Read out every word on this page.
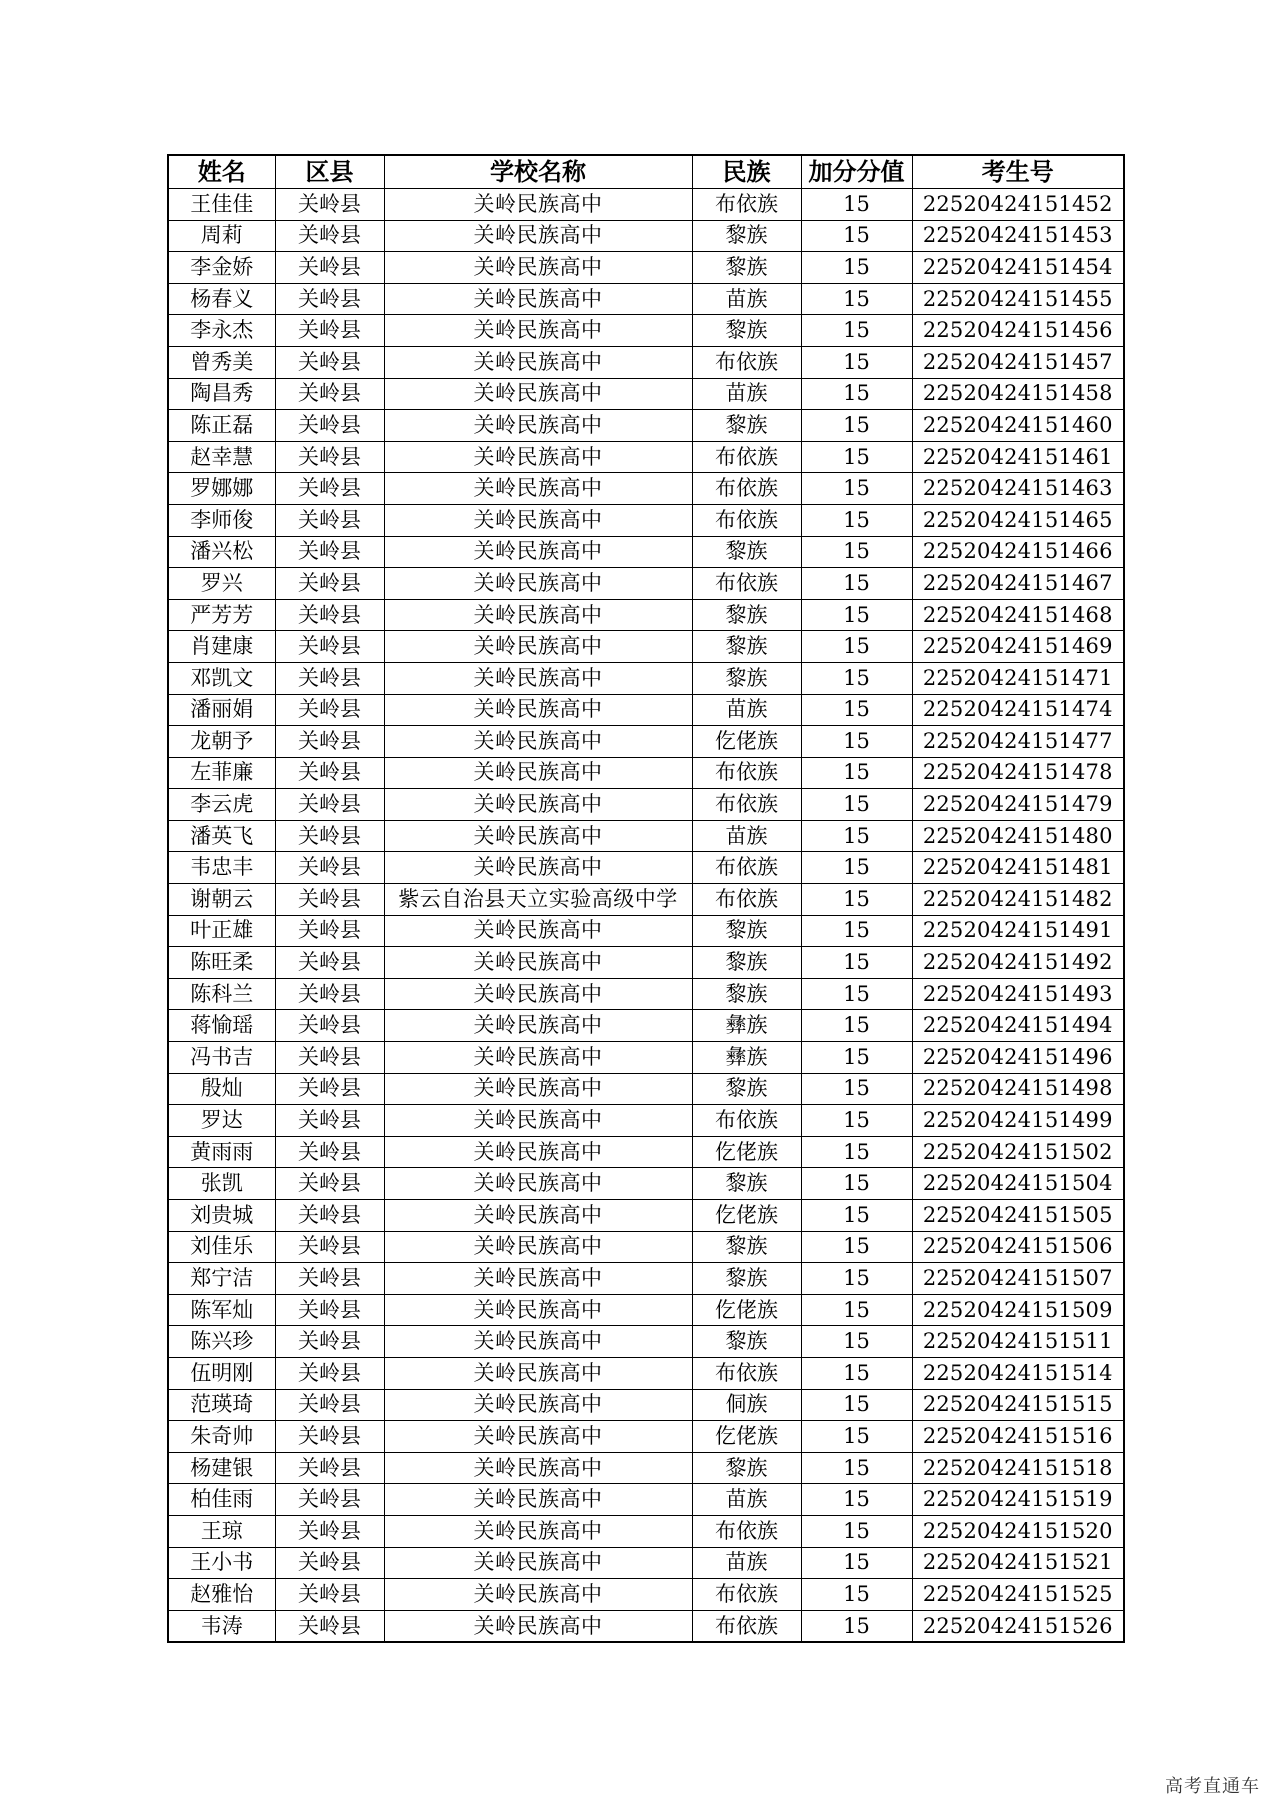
姓名	区县	学校名称	民族	加分分值	考生号
王佳佳	关岭县	关岭民族高中	布依族	15	22520424151452
周莉	关岭县	关岭民族高中	黎族	15	22520424151453
李金娇	关岭县	关岭民族高中	黎族	15	22520424151454
杨春义	关岭县	关岭民族高中	苗族	15	22520424151455
李永杰	关岭县	关岭民族高中	黎族	15	22520424151456
曾秀美	关岭县	关岭民族高中	布依族	15	22520424151457
陶昌秀	关岭县	关岭民族高中	苗族	15	22520424151458
陈正磊	关岭县	关岭民族高中	黎族	15	22520424151460
赵幸慧	关岭县	关岭民族高中	布依族	15	22520424151461
罗娜娜	关岭县	关岭民族高中	布依族	15	22520424151463
李师俊	关岭县	关岭民族高中	布依族	15	22520424151465
潘兴松	关岭县	关岭民族高中	黎族	15	22520424151466
罗兴	关岭县	关岭民族高中	布依族	15	22520424151467
严芳芳	关岭县	关岭民族高中	黎族	15	22520424151468
肖建康	关岭县	关岭民族高中	黎族	15	22520424151469
邓凯文	关岭县	关岭民族高中	黎族	15	22520424151471
潘丽娟	关岭县	关岭民族高中	苗族	15	22520424151474
龙朝予	关岭县	关岭民族高中	仡佬族	15	22520424151477
左菲廉	关岭县	关岭民族高中	布依族	15	22520424151478
李云虎	关岭县	关岭民族高中	布依族	15	22520424151479
潘英飞	关岭县	关岭民族高中	苗族	15	22520424151480
韦忠丰	关岭县	关岭民族高中	布依族	15	22520424151481
谢朝云	关岭县	紫云自治县天立实验高级中学	布依族	15	22520424151482
叶正雄	关岭县	关岭民族高中	黎族	15	22520424151491
陈旺柔	关岭县	关岭民族高中	黎族	15	22520424151492
陈科兰	关岭县	关岭民族高中	黎族	15	22520424151493
蒋愉瑶	关岭县	关岭民族高中	彝族	15	22520424151494
冯书吉	关岭县	关岭民族高中	彝族	15	22520424151496
殷灿	关岭县	关岭民族高中	黎族	15	22520424151498
罗达	关岭县	关岭民族高中	布依族	15	22520424151499
黄雨雨	关岭县	关岭民族高中	仡佬族	15	22520424151502
张凯	关岭县	关岭民族高中	黎族	15	22520424151504
刘贵城	关岭县	关岭民族高中	仡佬族	15	22520424151505
刘佳乐	关岭县	关岭民族高中	黎族	15	22520424151506
郑宁洁	关岭县	关岭民族高中	黎族	15	22520424151507
陈军灿	关岭县	关岭民族高中	仡佬族	15	22520424151509
陈兴珍	关岭县	关岭民族高中	黎族	15	22520424151511
伍明刚	关岭县	关岭民族高中	布依族	15	22520424151514
范瑛琦	关岭县	关岭民族高中	侗族	15	22520424151515
朱奇帅	关岭县	关岭民族高中	仡佬族	15	22520424151516
杨建银	关岭县	关岭民族高中	黎族	15	22520424151518
柏佳雨	关岭县	关岭民族高中	苗族	15	22520424151519
王琼	关岭县	关岭民族高中	布依族	15	22520424151520
王小书	关岭县	关岭民族高中	苗族	15	22520424151521
赵雅怡	关岭县	关岭民族高中	布依族	15	22520424151525
韦涛	关岭县	关岭民族高中	布依族	15	22520424151526
高考直通车
